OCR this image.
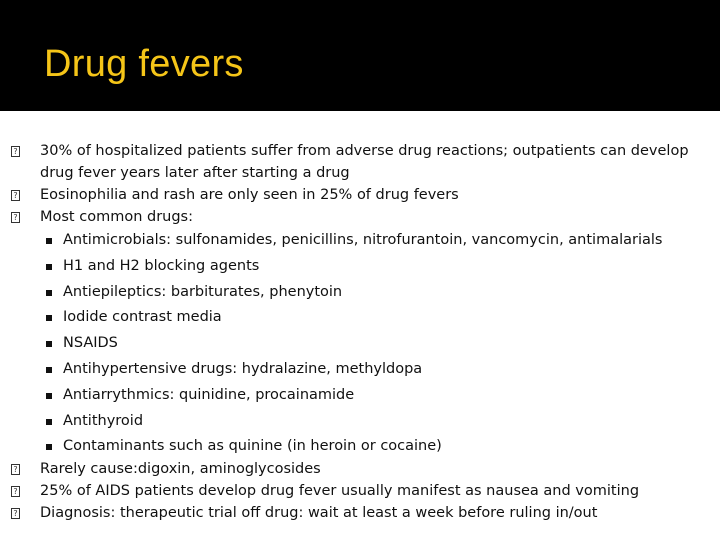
Drug fevers
? 30% of hospitalized patients suffer from adverse drug reactions; outpatients can develop drug fever years later after starting a drug
? Eosinophilia and rash are only seen in 25% of drug fevers
? Most common drugs:
Antimicrobials: sulfonamides, penicillins, nitrofurantoin, vancomycin, antimalarials
H1 and H2 blocking agents
Antiepileptics: barbiturates, phenytoin
Iodide contrast media
NSAIDS
Antihypertensive drugs: hydralazine, methyldopa
Antiarrythmics: quinidine, procainamide
Antithyroid
Contaminants such as quinine (in heroin or cocaine)
? Rarely cause:digoxin, aminoglycosides
? 25% of AIDS patients develop drug fever usually manifest as nausea and vomiting
? Diagnosis: therapeutic trial off drug: wait at least a week before ruling in/out
